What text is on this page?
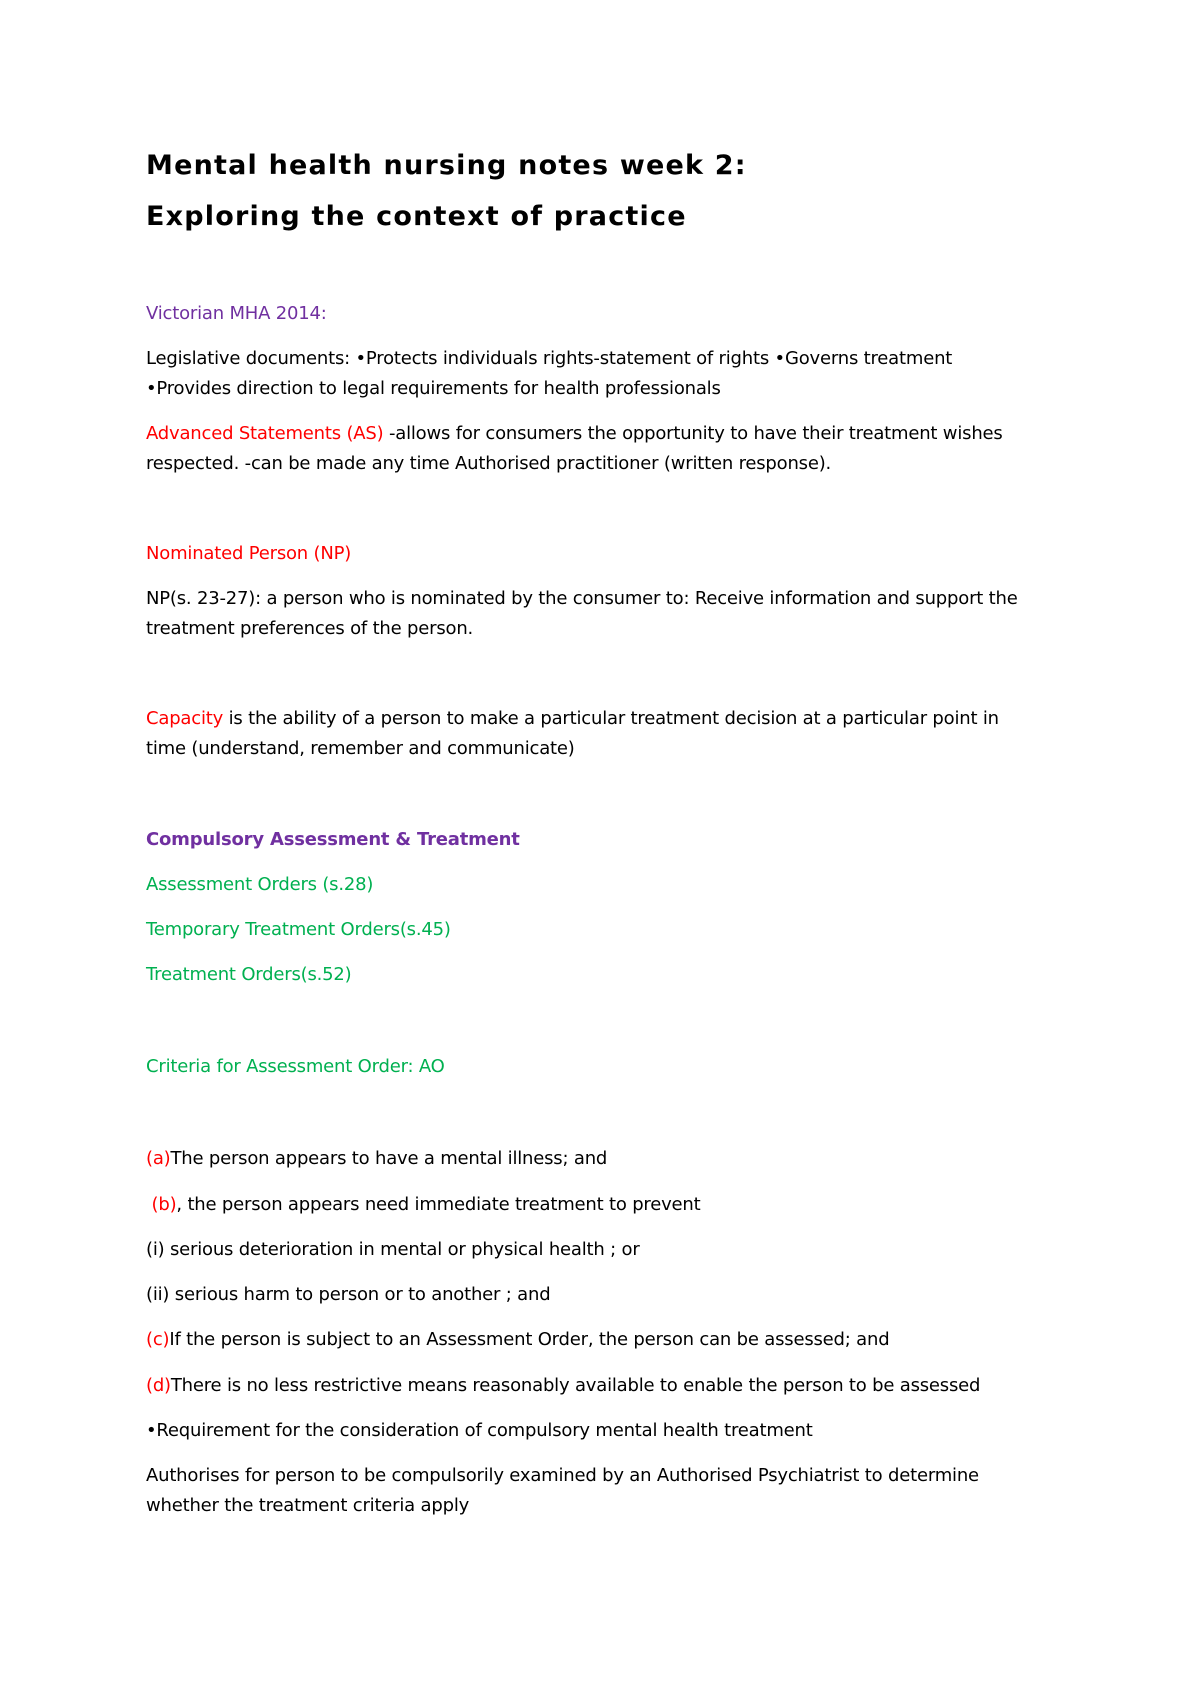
Mental health nursing notes week 2:

Exploring the context of practice

Victorian MHA 2014:

Legislative documents: •Protects individuals rights-statement of rights •Governs treatment

•Provides direction to legal requirements for health professionals

Advanced Statements (AS) -allows for consumers the opportunity to have their treatment wishes

respected. -can be made any time Authorised practitioner (written response).

Nominated Person (NP)

NP(s. 23-27): a person who is nominated by the consumer to: Receive information and support the

treatment preferences of the person.

Capacity is the ability of a person to make a particular treatment decision at a particular point in

time (understand, remember and communicate)

Compulsory Assessment & Treatment

Assessment Orders (s.28)

Temporary Treatment Orders(s.45)

Treatment Orders(s.52)

Criteria for Assessment Order: AO

(a)The person appears to have a mental illness; and

(b), the person appears need immediate treatment to prevent

(i) serious deterioration in mental or physical health ; or

(ii) serious harm to person or to another ; and

(c)If the person is subject to an Assessment Order, the person can be assessed; and

(d)There is no less restrictive means reasonably available to enable the person to be assessed

•Requirement for the consideration of compulsory mental health treatment

Authorises for person to be compulsorily examined by an Authorised Psychiatrist to determine

whether the treatment criteria apply
